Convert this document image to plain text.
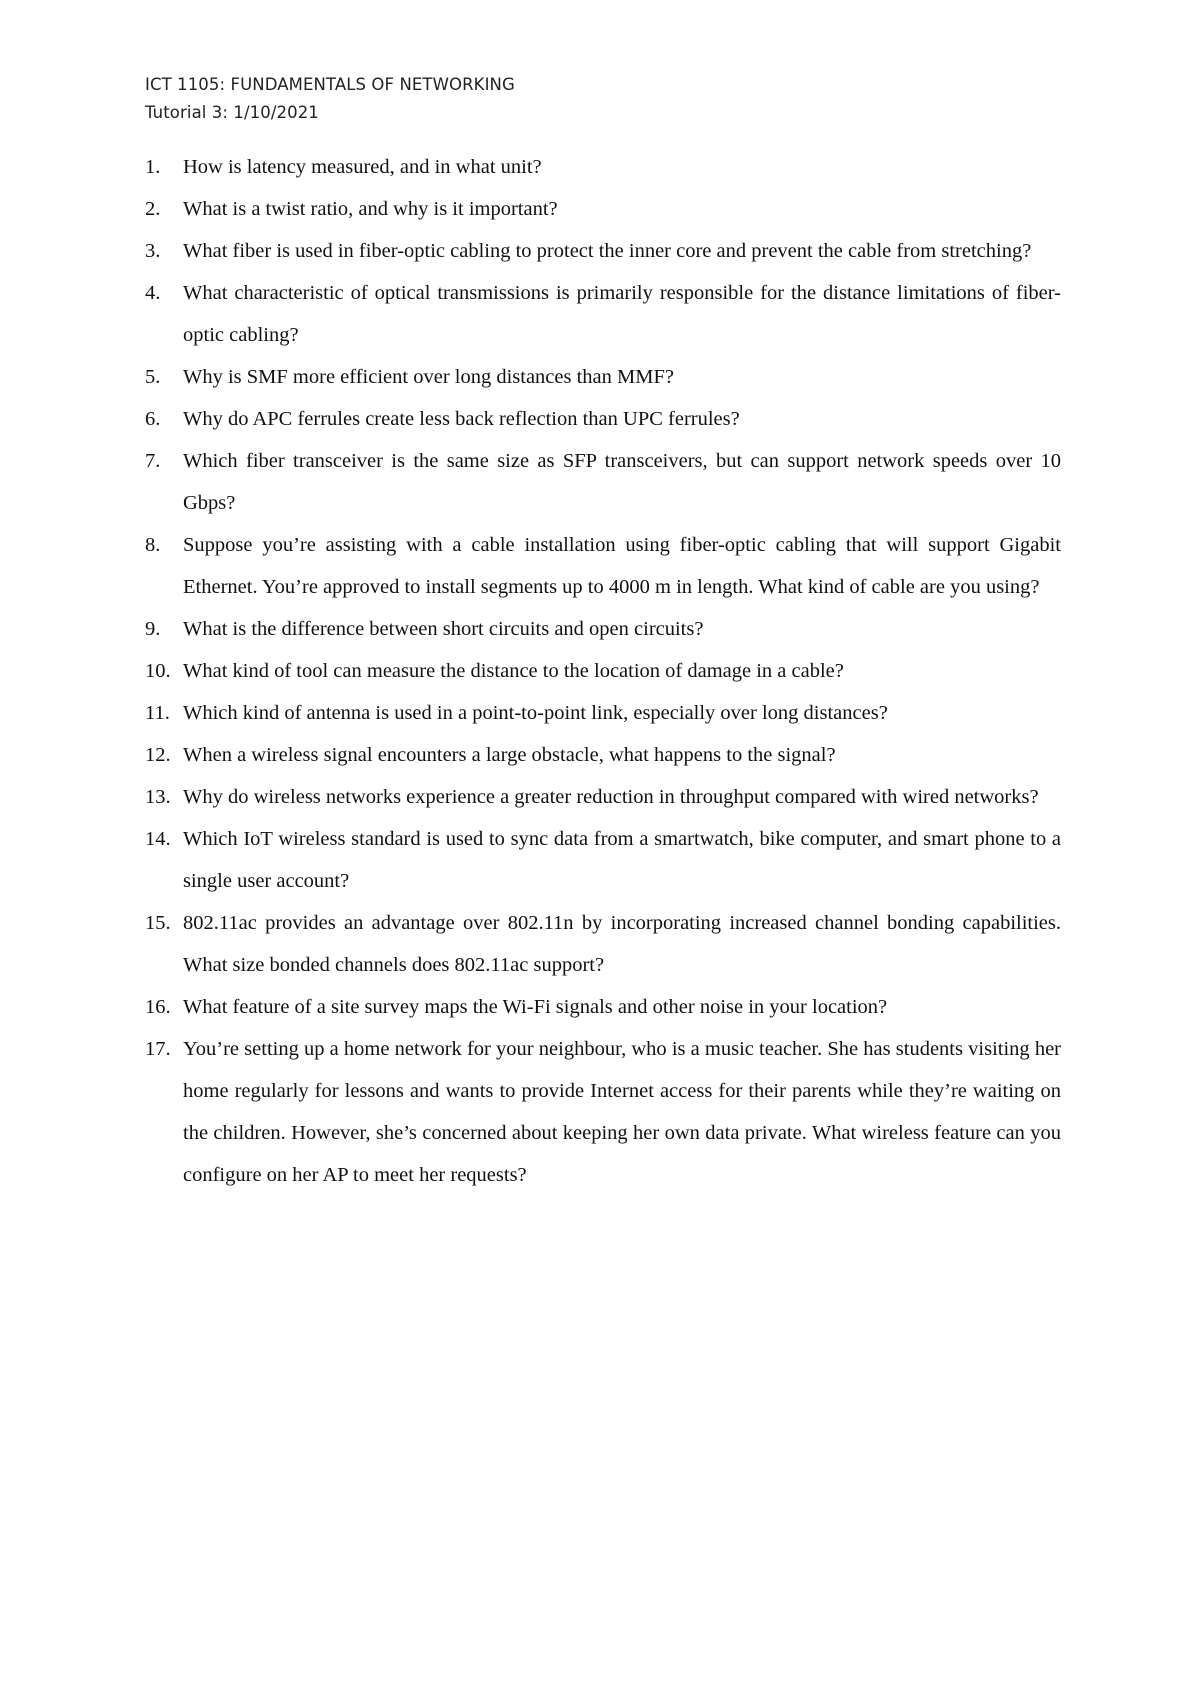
ICT 1105: FUNDAMENTALS OF NETWORKING
Tutorial 3: 1/10/2021
1. How is latency measured, and in what unit?
2. What is a twist ratio, and why is it important?
3. What fiber is used in fiber-optic cabling to protect the inner core and prevent the cable from stretching?
4. What characteristic of optical transmissions is primarily responsible for the distance limitations of fiber-optic cabling?
5. Why is SMF more efficient over long distances than MMF?
6. Why do APC ferrules create less back reflection than UPC ferrules?
7. Which fiber transceiver is the same size as SFP transceivers, but can support network speeds over 10 Gbps?
8. Suppose you’re assisting with a cable installation using fiber-optic cabling that will support Gigabit Ethernet. You’re approved to install segments up to 4000 m in length. What kind of cable are you using?
9. What is the difference between short circuits and open circuits?
10. What kind of tool can measure the distance to the location of damage in a cable?
11. Which kind of antenna is used in a point-to-point link, especially over long distances?
12. When a wireless signal encounters a large obstacle, what happens to the signal?
13. Why do wireless networks experience a greater reduction in throughput compared with wired networks?
14. Which IoT wireless standard is used to sync data from a smartwatch, bike computer, and smart phone to a single user account?
15. 802.11ac provides an advantage over 802.11n by incorporating increased channel bonding capabilities. What size bonded channels does 802.11ac support?
16. What feature of a site survey maps the Wi-Fi signals and other noise in your location?
17. You’re setting up a home network for your neighbour, who is a music teacher. She has students visiting her home regularly for lessons and wants to provide Internet access for their parents while they’re waiting on the children. However, she’s concerned about keeping her own data private. What wireless feature can you configure on her AP to meet her requests?
